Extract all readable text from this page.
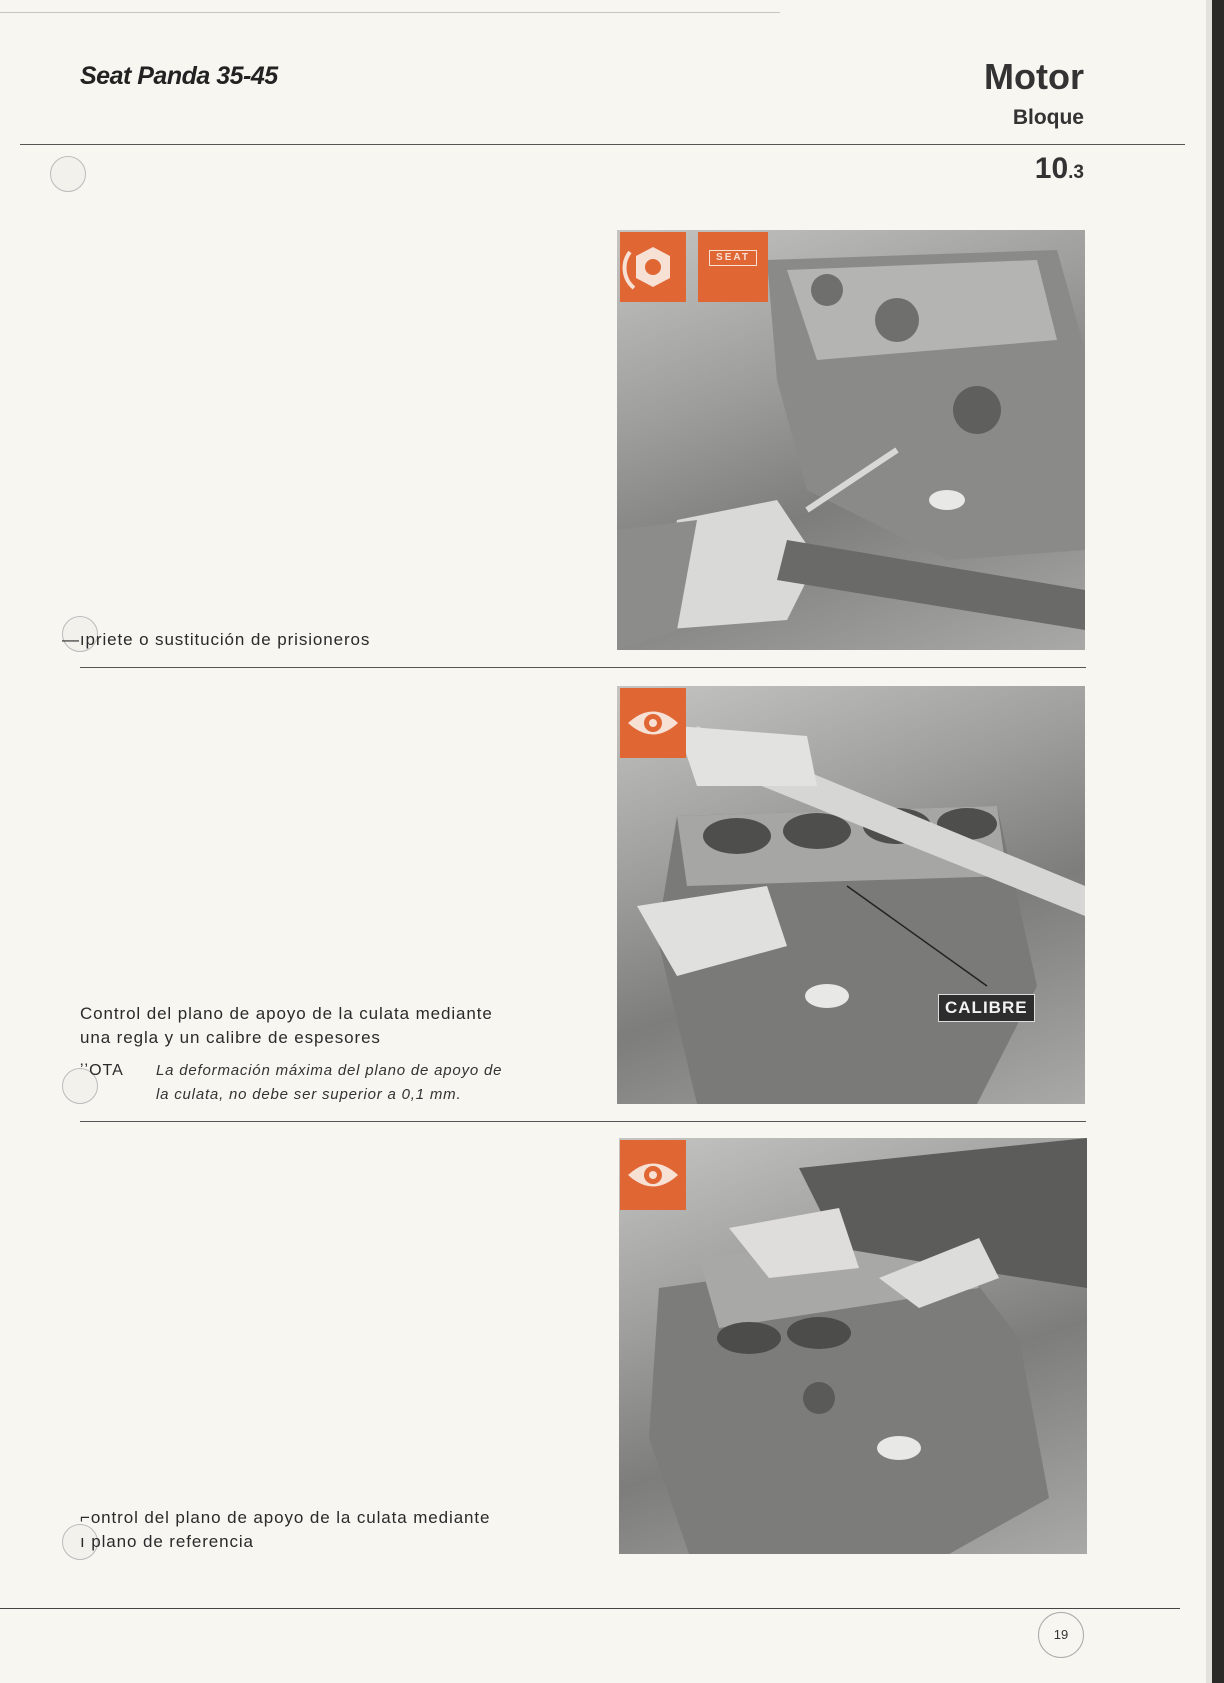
Seat Panda 35-45	Motor
Bloque
10.3
SEAT
—ıpriete o sustitución de prisioneros
CALIBRE
Control del plano de apoyo de la culata mediante
una regla y un calibre de espesores
ʼʼOTA La deformación máxima del plano de apoyo de
la culata, no debe ser superior a 0,1 mm.
⌐ontrol del plano de apoyo de la culata mediante
ı plano de referencia
19
